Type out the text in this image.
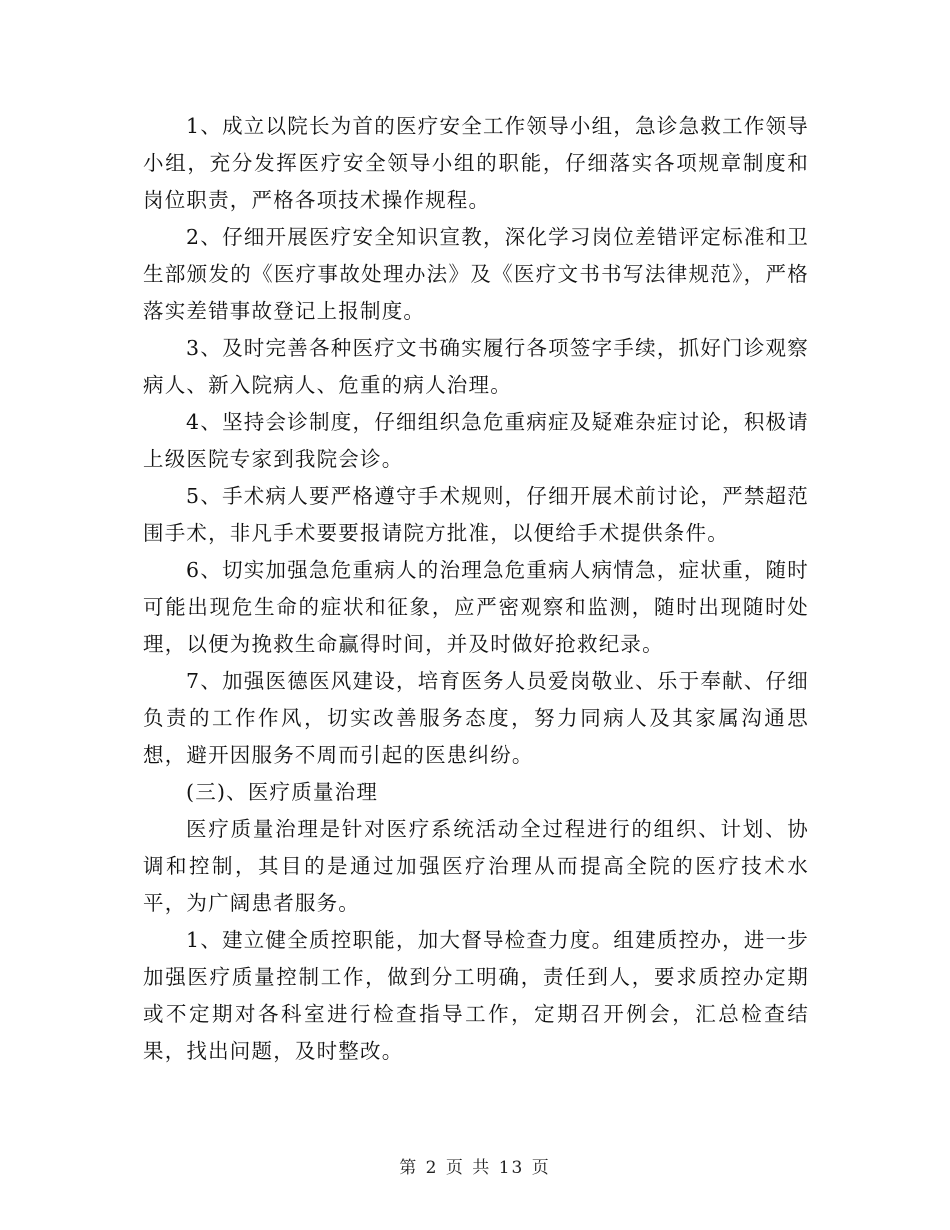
1、成立以院长为首的医疗安全工作领导小组，急诊急救工作领导小组，充分发挥医疗安全领导小组的职能，仔细落实各项规章制度和岗位职责，严格各项技术操作规程。

2、仔细开展医疗安全知识宣教，深化学习岗位差错评定标准和卫生部颁发的《医疗事故处理办法》及《医疗文书书写法律规范》，严格落实差错事故登记上报制度。

3、及时完善各种医疗文书确实履行各项签字手续，抓好门诊观察病人、新入院病人、危重的病人治理。

4、坚持会诊制度，仔细组织急危重病症及疑难杂症讨论，积极请上级医院专家到我院会诊。

5、手术病人要严格遵守手术规则，仔细开展术前讨论，严禁超范围手术，非凡手术要要报请院方批准，以便给手术提供条件。

6、切实加强急危重病人的治理急危重病人病情急，症状重，随时可能出现危生命的症状和征象，应严密观察和监测，随时出现随时处理，以便为挽救生命赢得时间，并及时做好抢救纪录。

7、加强医德医风建设，培育医务人员爱岗敬业、乐于奉献、仔细负责的工作作风，切实改善服务态度，努力同病人及其家属沟通思想，避开因服务不周而引起的医患纠纷。

(三)、医疗质量治理

医疗质量治理是针对医疗系统活动全过程进行的组织、计划、协调和控制，其目的是通过加强医疗治理从而提高全院的医疗技术水平，为广阔患者服务。

1、建立健全质控职能，加大督导检查力度。组建质控办，进一步加强医疗质量控制工作，做到分工明确，责任到人，要求质控办定期或不定期对各科室进行检查指导工作，定期召开例会，汇总检查结果，找出问题，及时整改。

第 2 页 共 13 页
